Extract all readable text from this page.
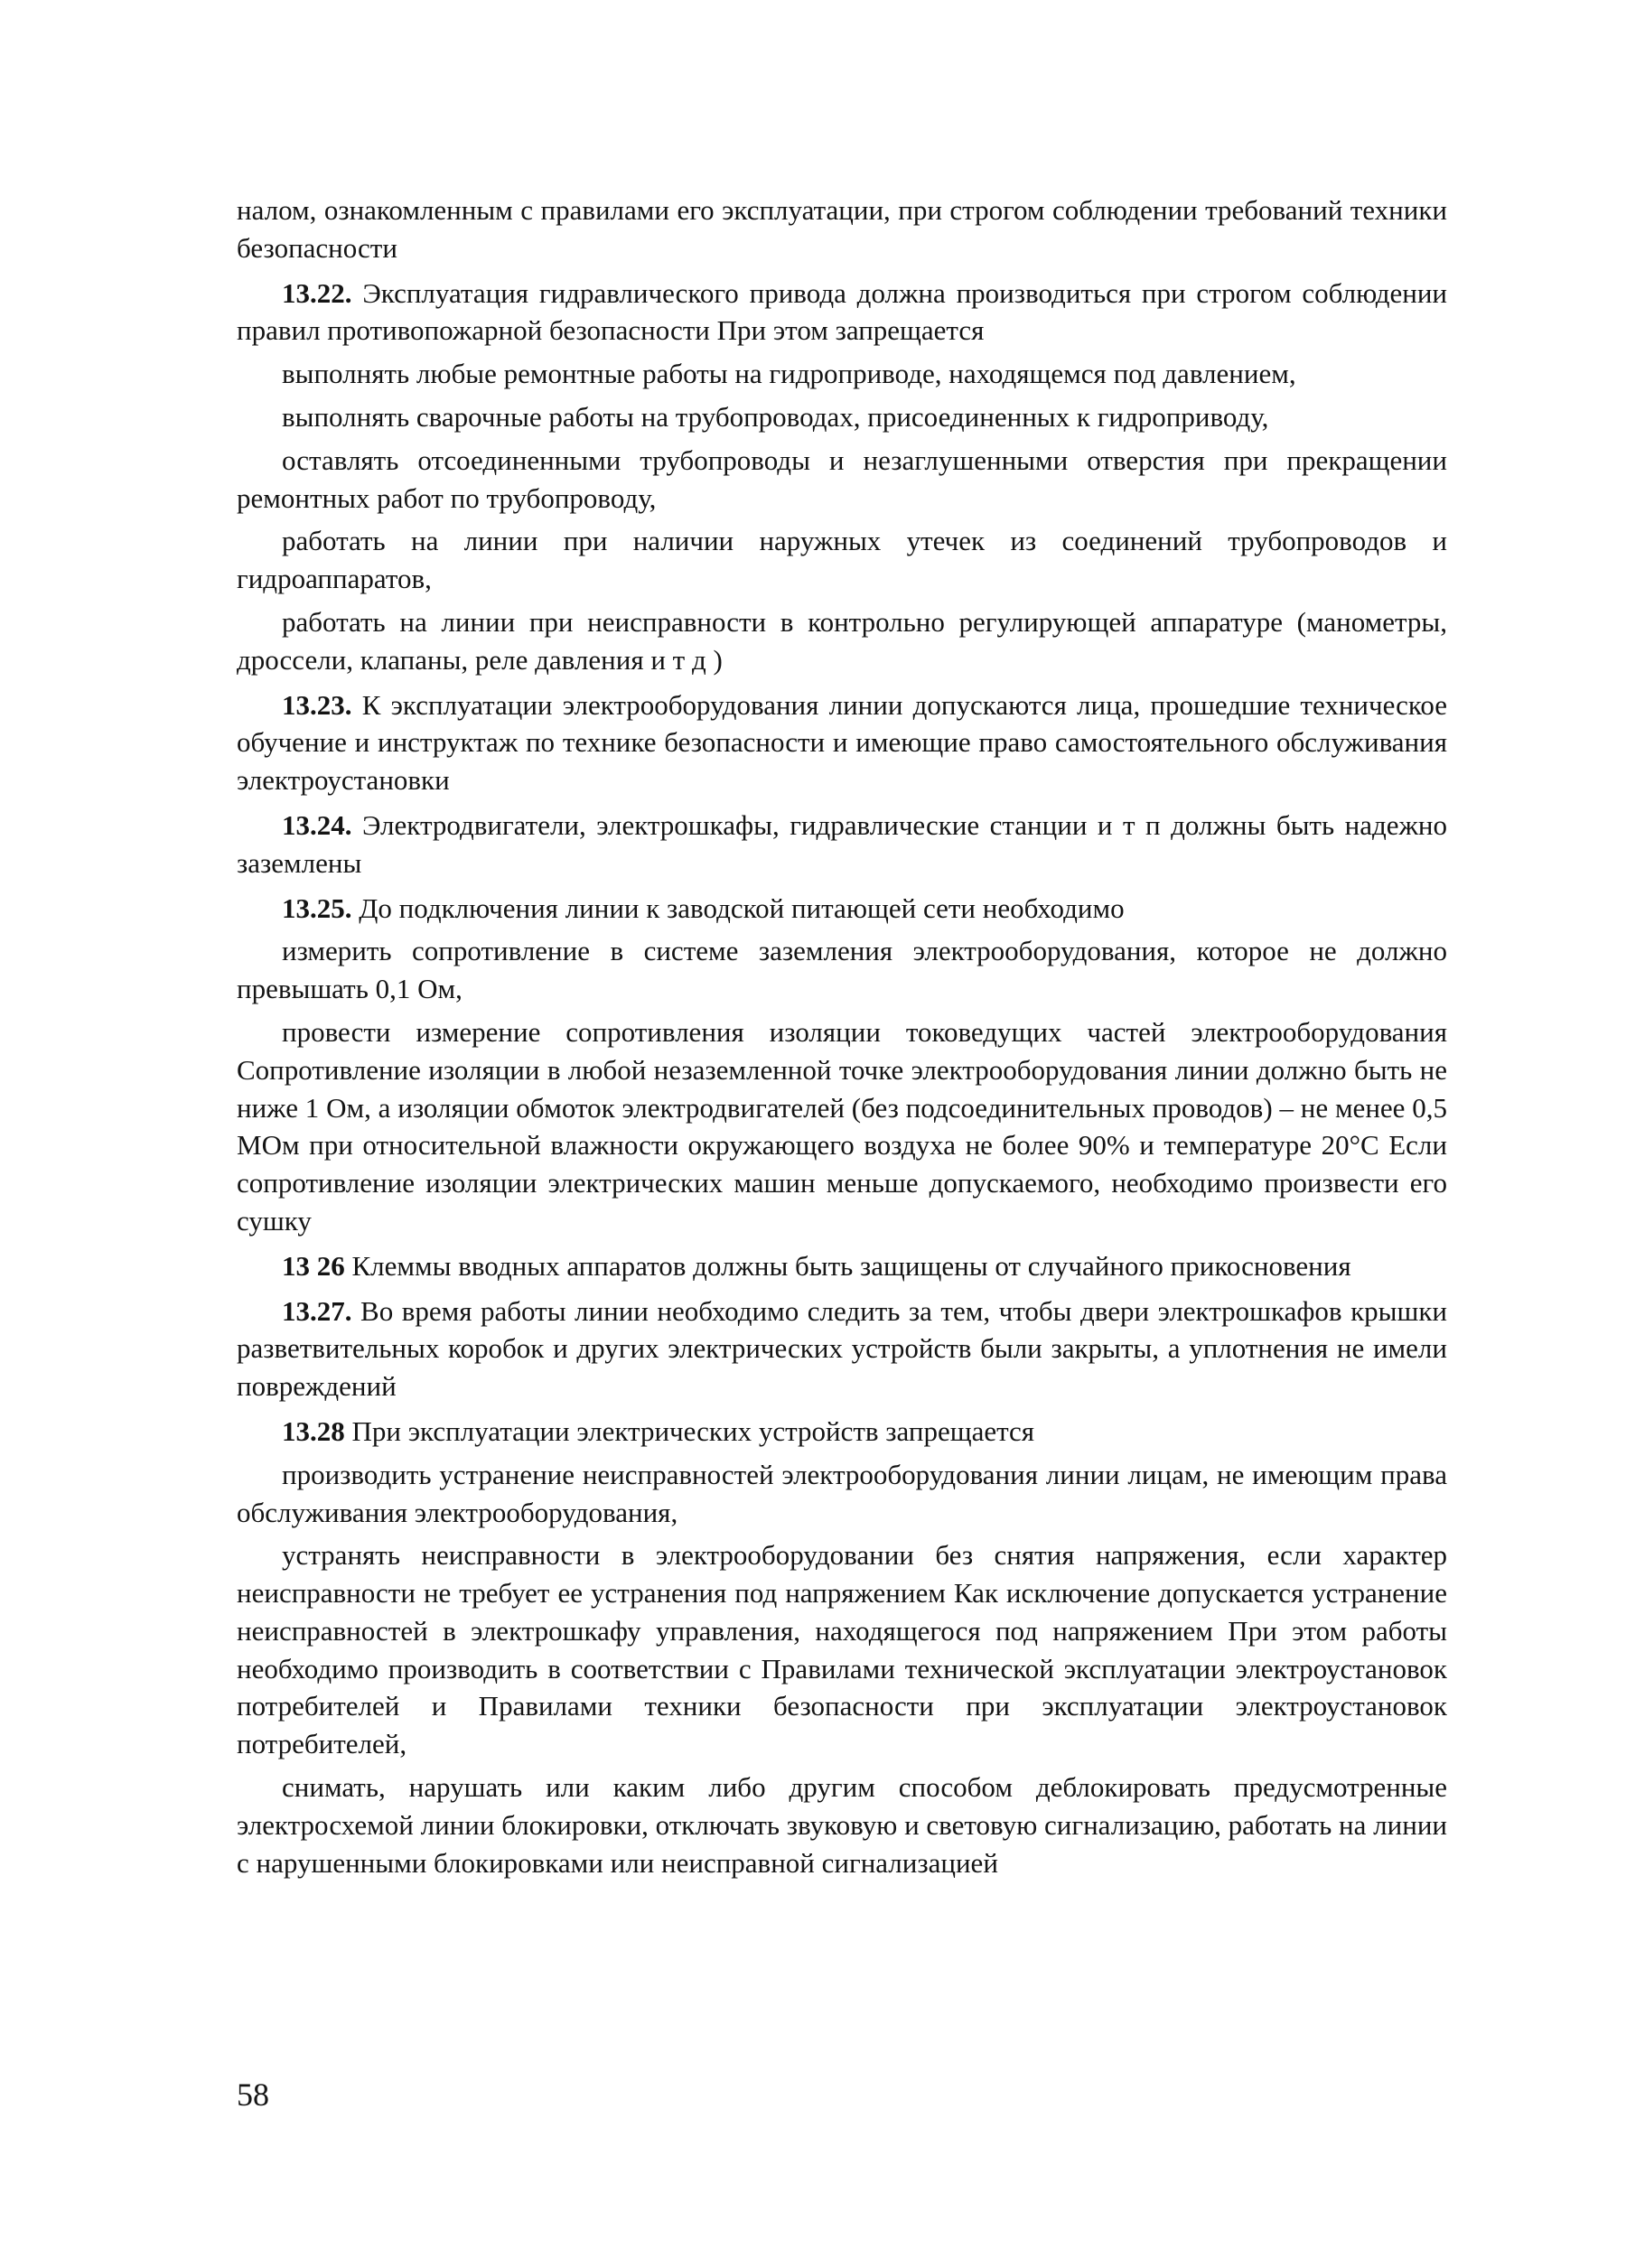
налом, ознакомленным с правилами его эксплуатации, при строгом соблюдении требований техники безопасности

13.22. Эксплуатация гидравлического привода должна производиться при строгом соблюдении правил противопожарной безопасности При этом запрещается

выполнять любые ремонтные работы на гидроприводе, находящемся под давлением,

выполнять сварочные работы на трубопроводах, присоединенных к гидроприводу,

оставлять отсоединенными трубопроводы и незаглушенными отверстия при прекращении ремонтных работ по трубопроводу,

работать на линии при наличии наружных утечек из соединений трубопроводов и гидроаппаратов,

работать на линии при неисправности в контрольно регулирующей аппаратуре (манометры, дроссели, клапаны, реле давления и т д )

13.23. К эксплуатации электрооборудования линии допускаются лица, прошедшие техническое обучение и инструктаж по технике безопасности и имеющие право самостоятельного обслуживания электроустановки

13.24. Электродвигатели, электрошкафы, гидравлические станции и т п должны быть надежно заземлены

13.25. До подключения линии к заводской питающей сети необходимо

измерить сопротивление в системе заземления электрооборудования, которое не должно превышать 0,1 Ом,

провести измерение сопротивления изоляции токоведущих частей электрооборудования Сопротивление изоляции в любой незаземленной точке электрооборудования линии должно быть не ниже 1 Ом, а изоляции обмоток электродвигателей (без подсоединительных проводов) – не менее 0,5 МОм при относительной влажности окружающего воздуха не более 90% и температуре 20°С Если сопротивление изоляции электрических машин меньше допускаемого, необходимо произвести его сушку

13 26 Клеммы вводных аппаратов должны быть защищены от случайного прикосновения

13.27. Во время работы линии необходимо следить за тем, чтобы двери электрошкафов крышки разветвительных коробок и других электрических устройств были закрыты, а уплотнения не имели повреждений

13.28 При эксплуатации электрических устройств запрещается

производить устранение неисправностей электрооборудования линии лицам, не имеющим права обслуживания электрооборудования,

устранять неисправности в электрооборудовании без снятия напряжения, если характер неисправности не требует ее устранения под напряжением Как исключение допускается устранение неисправностей в электрошкафу управления, находящегося под напряжением При этом работы необходимо производить в соответствии с Правилами технической эксплуатации электроустановок потребителей и Правилами техники безопасности при эксплуатации электроустановок потребителей,

снимать, нарушать или каким либо другим способом деблокировать предусмотренные электросхемой линии блокировки, отключать звуковую и световую сигнализацию, работать на линии с нарушенными блокировками или неисправной сигнализацией

58
